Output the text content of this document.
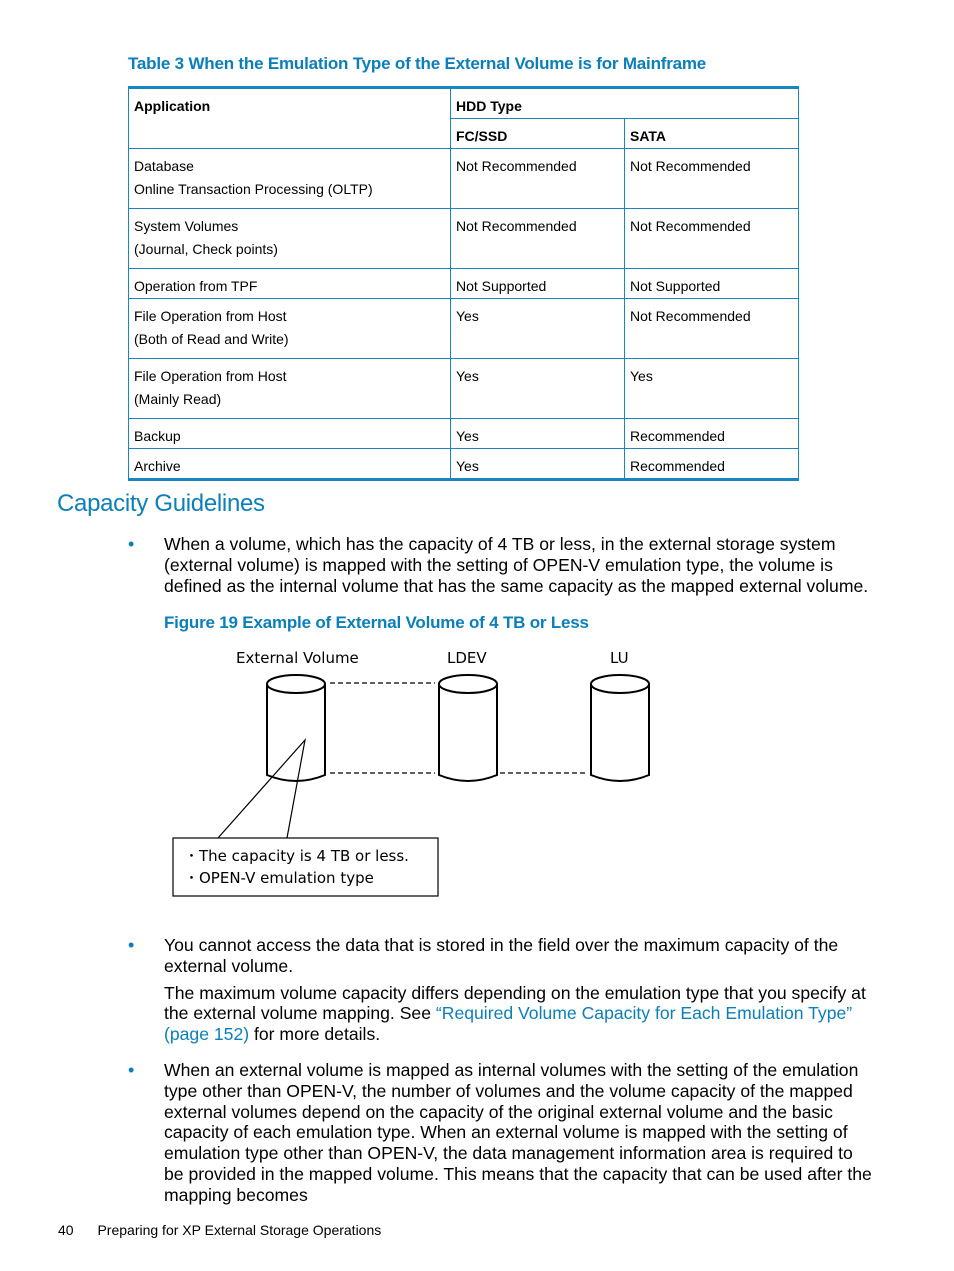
Table 3 When the Emulation Type of the External Volume is for Mainframe
Application	HDD Type	
	FC/SSD	SATA

Database
Online Transaction Processing (OLTP)	Not Recommended	Not Recommended

System Volumes
(Journal, Check points)	Not Recommended	Not Recommended
Operation from TPF	Not Supported	Not Supported

File Operation from Host
(Both of Read and Write)	Yes	Not Recommended

File Operation from Host
(Mainly Read)	Yes	Yes
Backup	Yes	Recommended
Archive	Yes	Recommended
Capacity Guidelines
• When a volume, which has the capacity of 4 TB or less, in the external storage system (external volume) is mapped with the setting of OPEN-V emulation type, the volume is defined as the internal volume that has the same capacity as the mapped external volume.
Figure 19 Example of External Volume of 4 TB or Less
External Volume	LDEV	LU
・The capacity is 4 TB or less.
・OPEN-V emulation type
• You cannot access the data that is stored in the field over the maximum capacity of the external volume.
The maximum volume capacity differs depending on the emulation type that you specify at the external volume mapping. See “Required Volume Capacity for Each Emulation Type” (page 152) for more details.
• When an external volume is mapped as internal volumes with the setting of the emulation type other than OPEN-V, the number of volumes and the volume capacity of the mapped external volumes depend on the capacity of the original external volume and the basic capacity of each emulation type. When an external volume is mapped with the setting of emulation type other than OPEN-V, the data management information area is required to be provided in the mapped volume. This means that the capacity that can be used after the mapping becomes
40 Preparing for XP External Storage Operations
